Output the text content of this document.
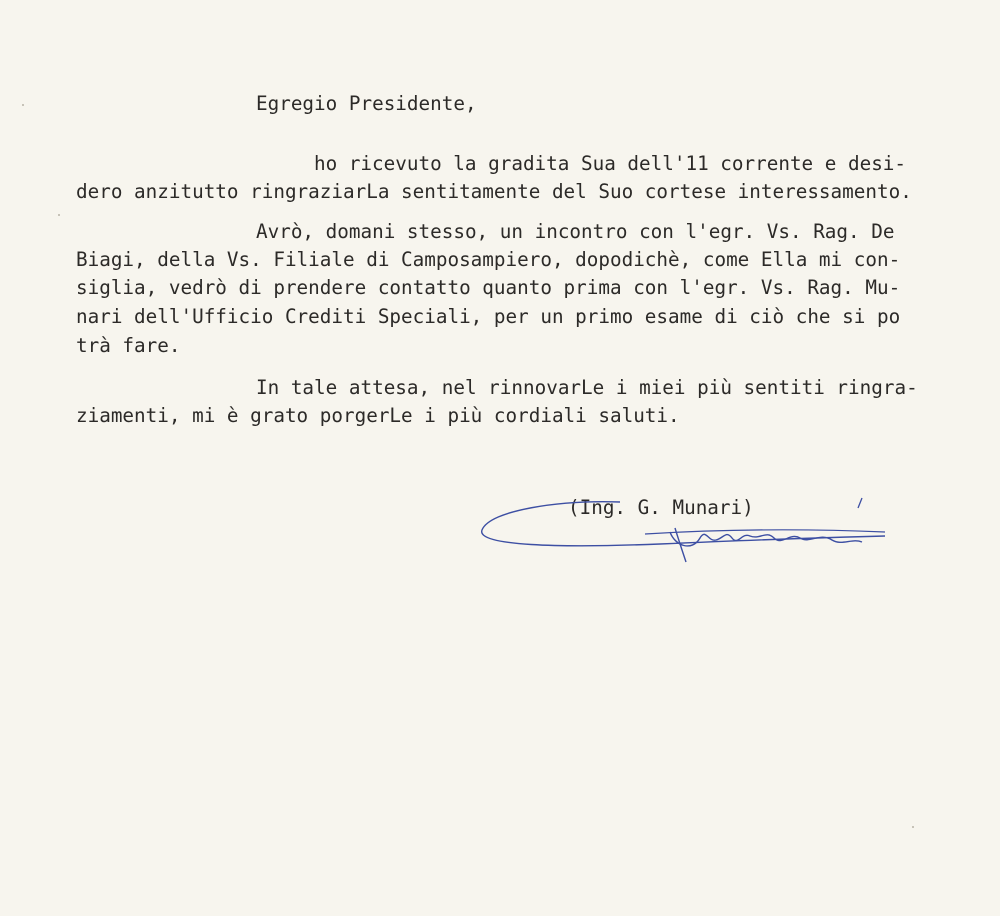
Egregio Presidente,
ho ricevuto la gradita Sua dell'11 corrente e desi-
dero anzitutto ringraziarLa sentitamente del Suo cortese interessamento.
Avrò, domani stesso, un incontro con l'egr. Vs. Rag. De
Biagi, della Vs. Filiale di Camposampiero, dopodichè, come Ella mi con-
siglia, vedrò di prendere contatto quanto prima con l'egr. Vs. Rag. Mu-
nari dell'Ufficio Crediti Speciali, per un primo esame di ciò che si po
trà fare.
In tale attesa, nel rinnovarLe i miei più sentiti ringra-
ziamenti, mi è grato porgerLe i più cordiali saluti.
(Ing. G. Munari)
